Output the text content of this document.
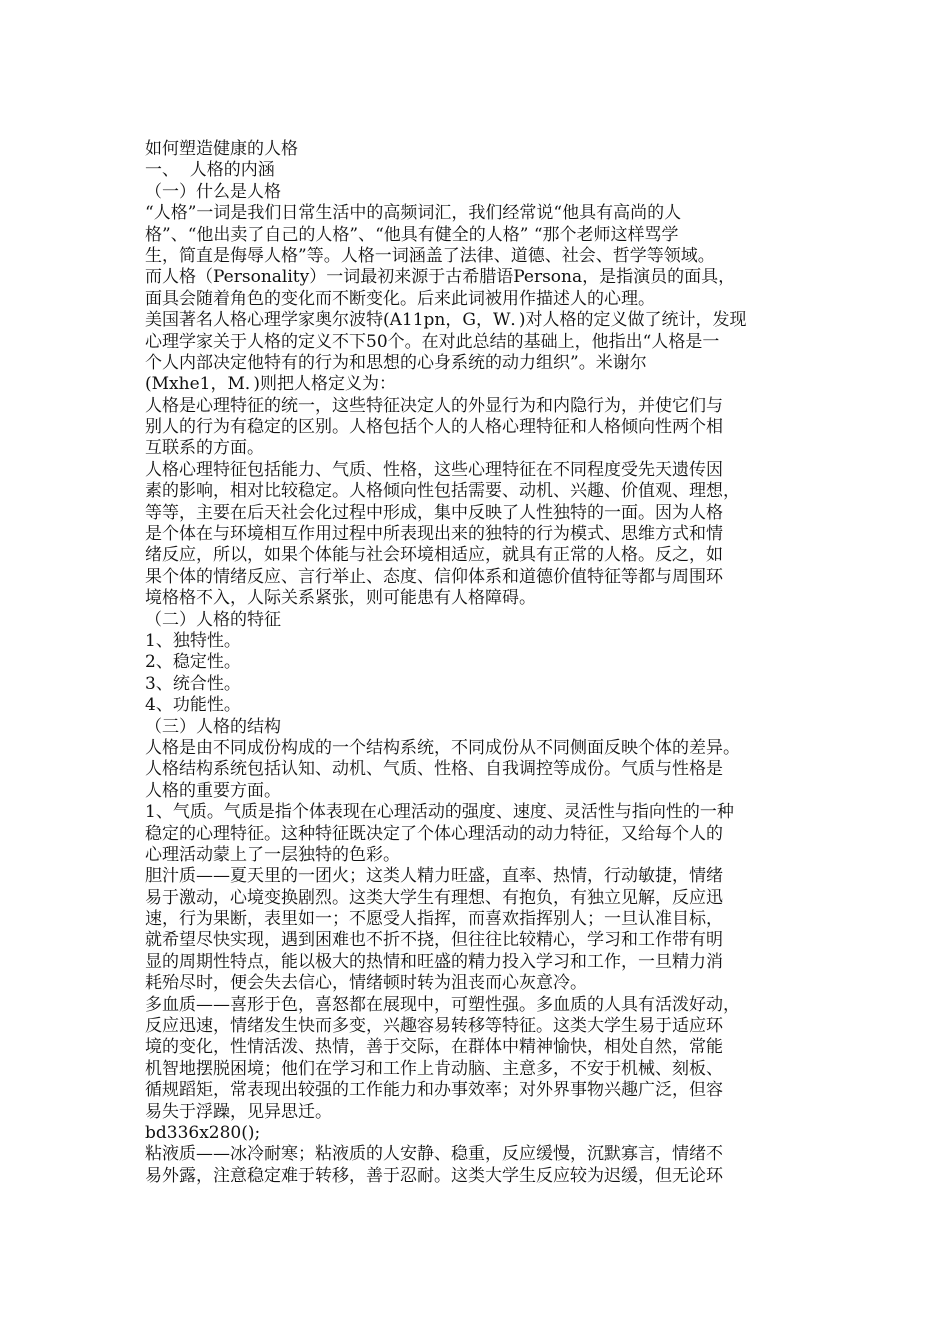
如何塑造健康的人格
一、  人格的内涵
（一）什么是人格
“人格”一词是我们日常生活中的高频词汇，我们经常说“他具有高尚的人
格”、“他出卖了自己的人格”、“他具有健全的人格” “那个老师这样骂学
生，简直是侮辱人格”等。人格一词涵盖了法律、道德、社会、哲学等领域。
而人格（Personality）一词最初来源于古希腊语Persona，是指演员的面具，
面具会随着角色的变化而不断变化。后来此词被用作描述人的心理。
美国著名人格心理学家奥尔波特(A11pn，G，W．)对人格的定义做了统计，发现
心理学家关于人格的定义不下50个。在对此总结的基础上，他指出“人格是一
个人内部决定他特有的行为和思想的心身系统的动力组织”。米谢尔
(Mxhe1，M．)则把人格定义为：
人格是心理特征的统一，这些特征决定人的外显行为和内隐行为，并使它们与
别人的行为有稳定的区别。人格包括个人的人格心理特征和人格倾向性两个相
互联系的方面。
人格心理特征包括能力、气质、性格，这些心理特征在不同程度受先天遗传因
素的影响，相对比较稳定。人格倾向性包括需要、动机、兴趣、价值观、理想，
等等，主要在后天社会化过程中形成，集中反映了人性独特的一面。因为人格
是个体在与环境相互作用过程中所表现出来的独特的行为模式、思维方式和情
绪反应，所以，如果个体能与社会环境相适应，就具有正常的人格。反之，如
果个体的情绪反应、言行举止、态度、信仰体系和道德价值特征等都与周围环
境格格不入，人际关系紧张，则可能患有人格障碍。
（二）人格的特征
1、独特性。
2、稳定性。
3、统合性。
4、功能性。
（三）人格的结构
人格是由不同成份构成的一个结构系统，不同成份从不同侧面反映个体的差异。
人格结构系统包括认知、动机、气质、性格、自我调控等成份。气质与性格是
人格的重要方面。
1、气质。气质是指个体表现在心理活动的强度、速度、灵活性与指向性的一种
稳定的心理特征。这种特征既决定了个体心理活动的动力特征，又给每个人的
心理活动蒙上了一层独特的色彩。
胆汁质——夏天里的一团火；这类人精力旺盛，直率、热情，行动敏捷，情绪
易于激动，心境变换剧烈。这类大学生有理想、有抱负，有独立见解，反应迅
速，行为果断，表里如一；不愿受人指挥，而喜欢指挥别人；一旦认准目标，
就希望尽快实现，遇到困难也不折不挠，但往往比较精心，学习和工作带有明
显的周期性特点，能以极大的热情和旺盛的精力投入学习和工作，一旦精力消
耗殆尽时，便会失去信心，情绪顿时转为沮丧而心灰意冷。
多血质——喜形于色，喜怒都在展现中，可塑性强。多血质的人具有活泼好动，
反应迅速，情绪发生快而多变，兴趣容易转移等特征。这类大学生易于适应环
境的变化，性情活泼、热情，善于交际，在群体中精神愉快，相处自然，常能
机智地摆脱困境；他们在学习和工作上肯动脑、主意多，不安于机械、刻板、
循规蹈矩，常表现出较强的工作能力和办事效率；对外界事物兴趣广泛，但容
易失于浮躁，见异思迁。
bd336x280();
粘液质——冰冷耐寒；粘液质的人安静、稳重，反应缓慢，沉默寡言，情绪不
易外露，注意稳定难于转移，善于忍耐。这类大学生反应较为迟缓，但无论环
